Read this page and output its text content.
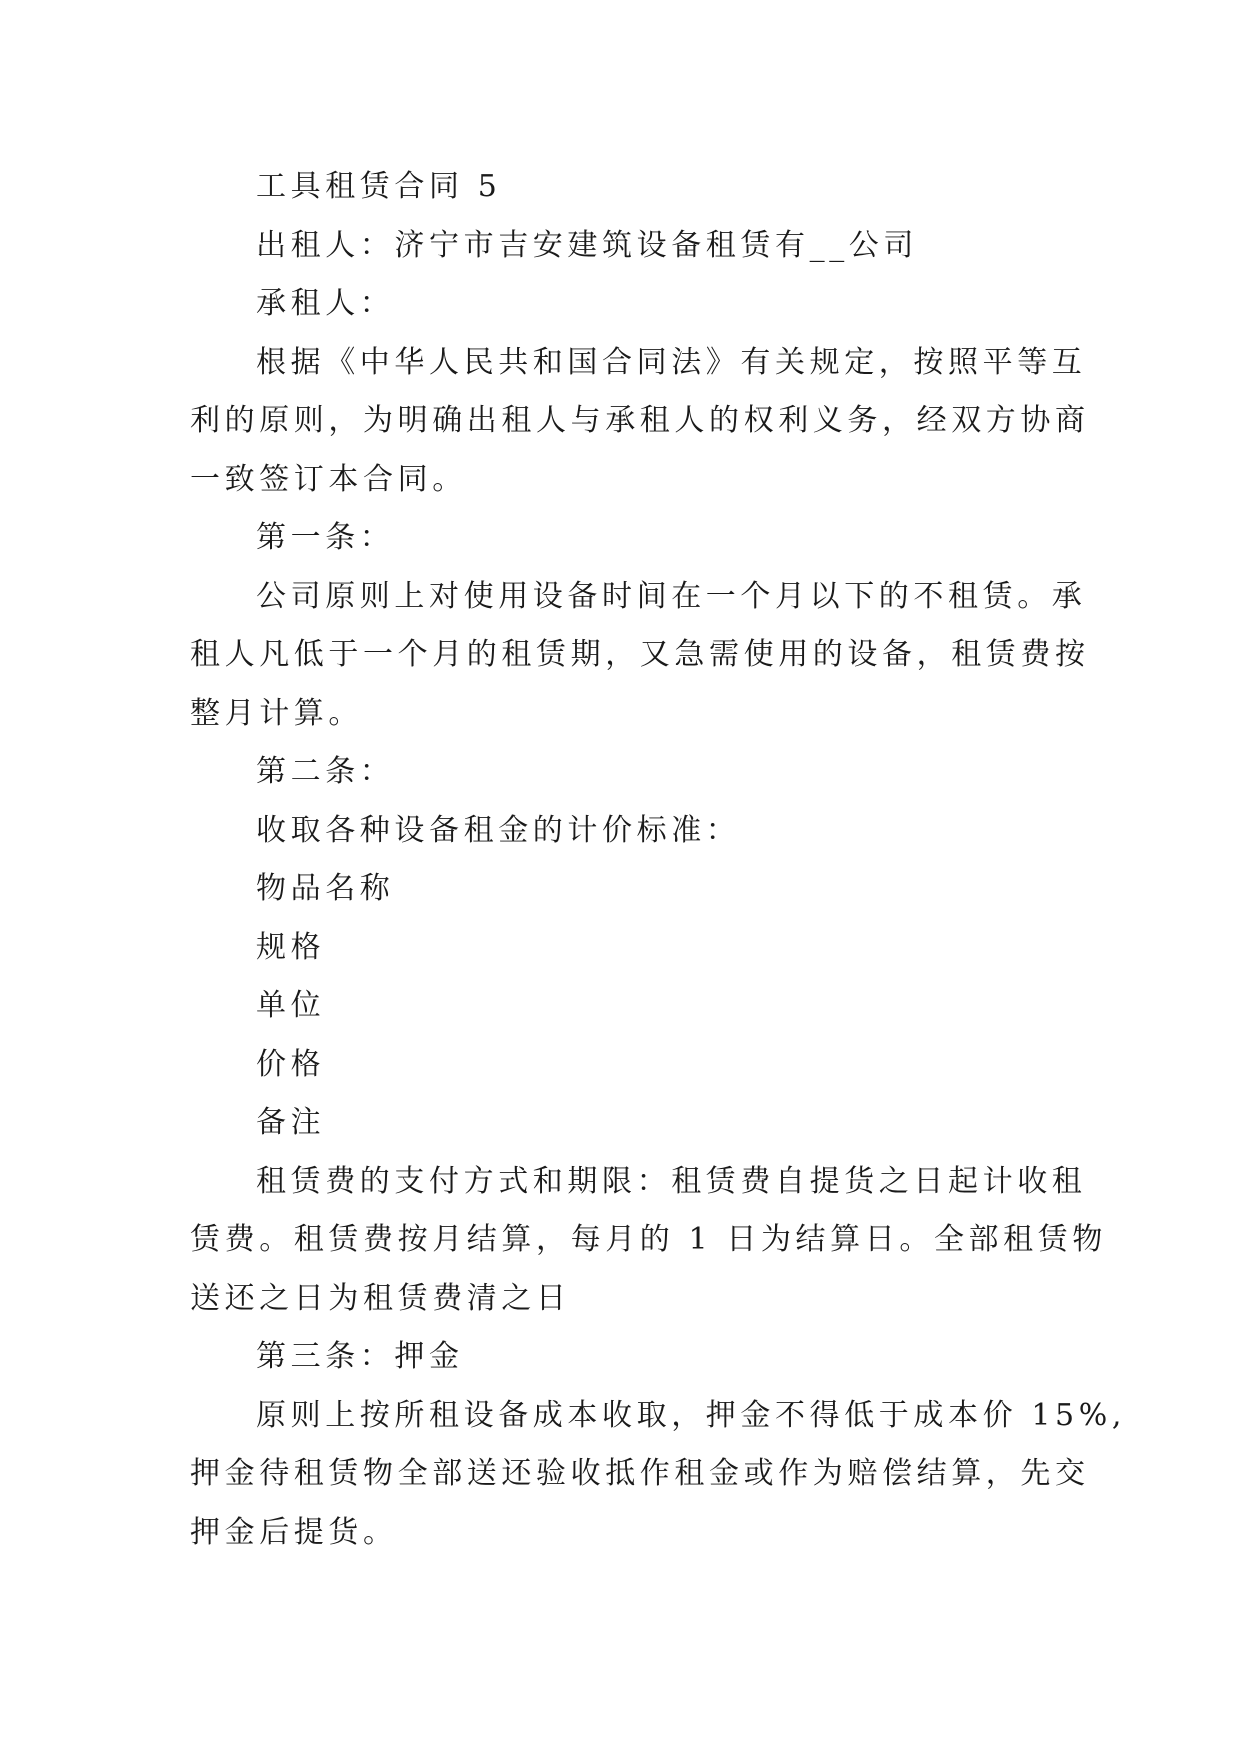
工具租赁合同 5
出租人：济宁市吉安建筑设备租赁有__公司
承租人：
根据《中华人民共和国合同法》有关规定，按照平等互
利的原则，为明确出租人与承租人的权利义务，经双方协商
一致签订本合同。
第一条：
公司原则上对使用设备时间在一个月以下的不租赁。承
租人凡低于一个月的租赁期，又急需使用的设备，租赁费按
整月计算。
第二条：
收取各种设备租金的计价标准：
物品名称
规格
单位
价格
备注
租赁费的支付方式和期限：租赁费自提货之日起计收租
赁费。租赁费按月结算，每月的 1 日为结算日。全部租赁物
送还之日为租赁费清之日
第三条：押金
原则上按所租设备成本收取，押金不得低于成本价 15%,
押金待租赁物全部送还验收抵作租金或作为赔偿结算，先交
押金后提货。
